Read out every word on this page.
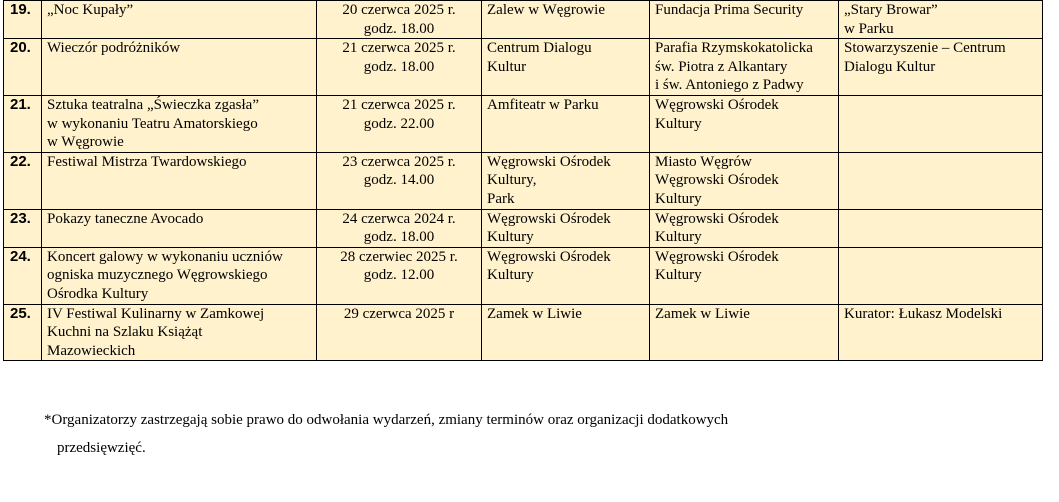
19.	„Noc Kupały”	20 czerwca 2025 r.
godz. 18.00	Zalew w Węgrowie	Fundacja Prima Security	„Stary Browar”
w Parku

20.	Wieczór podróżników	21 czerwca 2025 r.
godz. 18.00	Centrum Dialogu
Kultur	Parafia Rzymskokatolicka
św. Piotra z Alkantary
i św. Antoniego z Padwy	Stowarzyszenie – Centrum
Dialogu Kultur

21.	Sztuka teatralna „Świeczka zgasła”
w wykonaniu Teatru Amatorskiego
w Węgrowie	21 czerwca 2025 r.
godz. 22.00	Amfiteatr w Parku	Węgrowski Ośrodek
Kultury	

22.	Festiwal Mistrza Twardowskiego	23 czerwca 2025 r.
godz. 14.00	Węgrowski Ośrodek
Kultury,
Park	Miasto Węgrów
Węgrowski Ośrodek
Kultury	

23.	Pokazy taneczne Avocado	24 czerwca 2024 r.
godz. 18.00	Węgrowski Ośrodek
Kultury	Węgrowski Ośrodek
Kultury	

24.	Koncert galowy w wykonaniu uczniów
ogniska muzycznego Węgrowskiego
Ośrodka Kultury	28 czerwiec 2025 r.
godz. 12.00	Węgrowski Ośrodek
Kultury	Węgrowski Ośrodek
Kultury	

25.	IV Festiwal Kulinarny w Zamkowej
Kuchni na Szlaku Książąt
Mazowieckich	29 czerwca 2025 r	Zamek w Liwie	Zamek w Liwie	Kurator: Łukasz Modelski
*Organizatorzy zastrzegają sobie prawo do odwołania wydarzeń, zmiany terminów oraz organizacji dodatkowych
przedsięwzięć.
